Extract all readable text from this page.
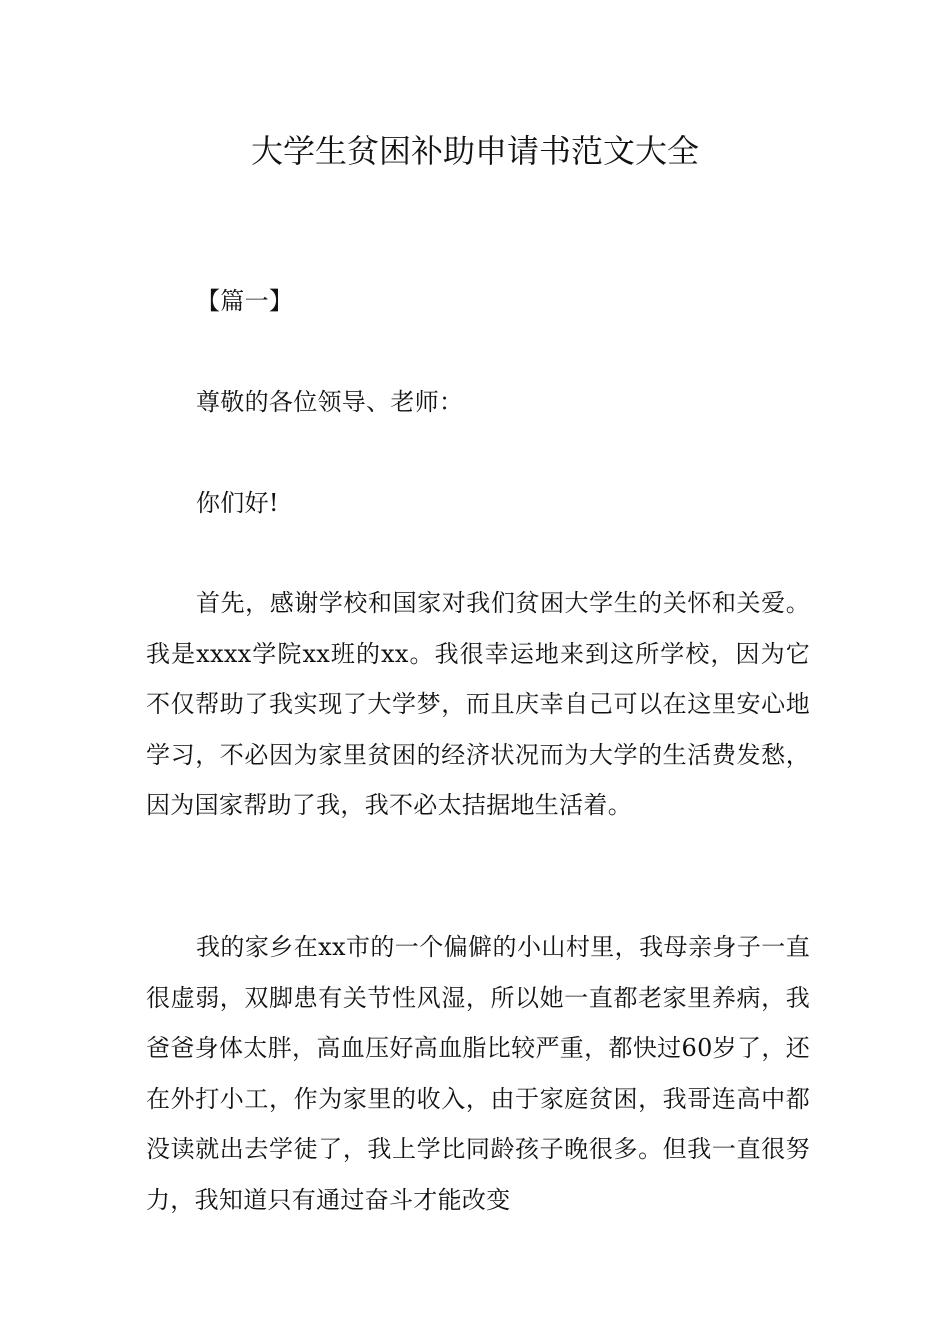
大学生贫困补助申请书范文大全

【篇一】

尊敬的各位领导、老师：

你们好!

首先，感谢学校和国家对我们贫困大学生的关怀和关爱。我是xxxx学院xx班的xx。我很幸运地来到这所学校，因为它不仅帮助了我实现了大学梦，而且庆幸自己可以在这里安心地学习，不必因为家里贫困的经济状况而为大学的生活费发愁，因为国家帮助了我，我不必太拮据地生活着。

我的家乡在xx市的一个偏僻的小山村里，我母亲身子一直很虚弱，双脚患有关节性风湿，所以她一直都老家里养病，我爸爸身体太胖，高血压好高血脂比较严重，都快过60岁了，还在外打小工，作为家里的收入，由于家庭贫困，我哥连高中都没读就出去学徒了，我上学比同龄孩子晚很多。但我一直很努力，我知道只有通过奋斗才能改变
